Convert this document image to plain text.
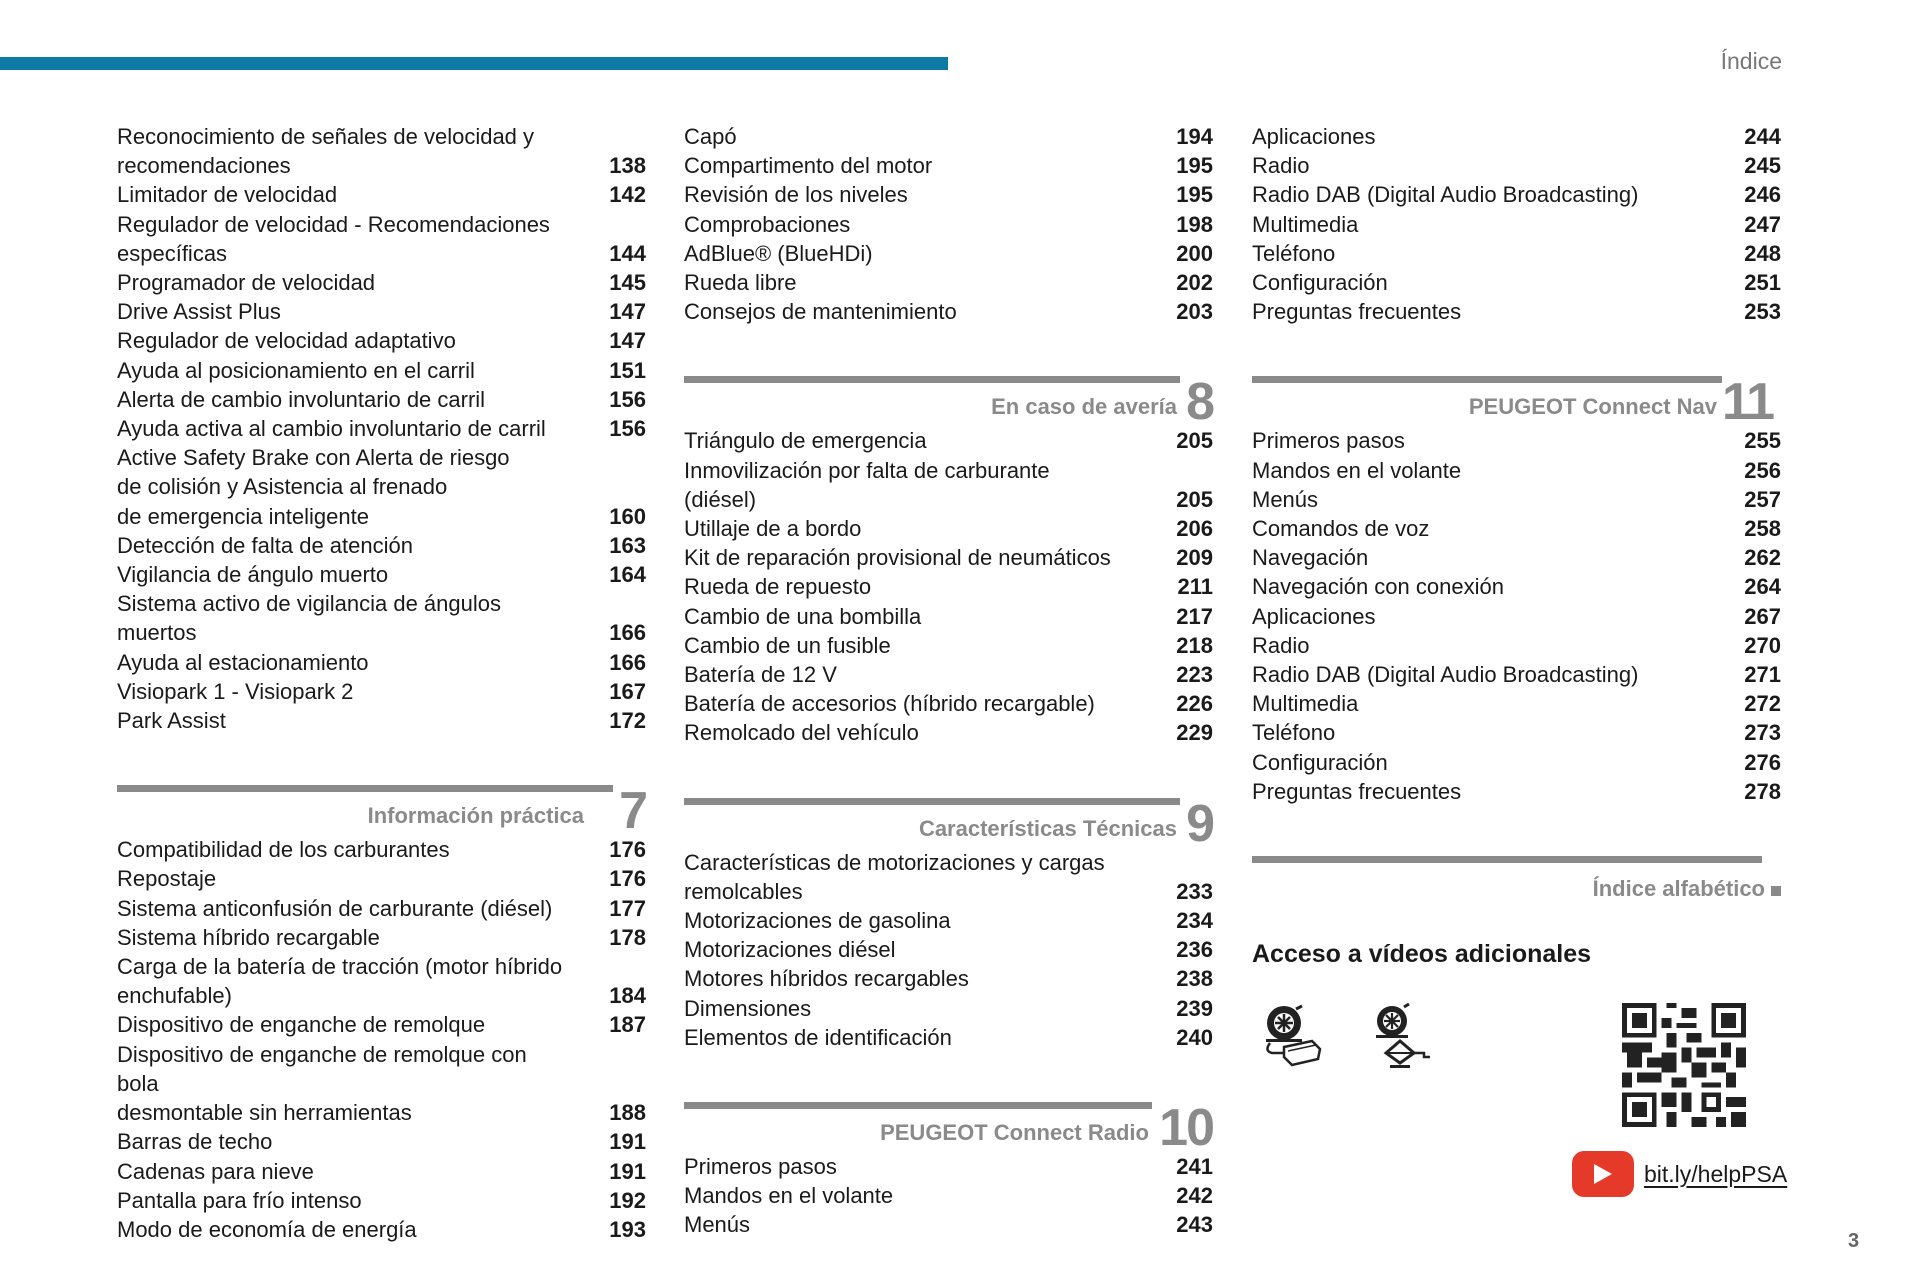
Índice
Reconocimiento de señales de velocidad y
recomendaciones	138
Limitador de velocidad	142
Regulador de velocidad - Recomendaciones
específicas	144
Programador de velocidad	145
Drive Assist Plus	147
Regulador de velocidad adaptativo	147
Ayuda al posicionamiento en el carril	151
Alerta de cambio involuntario de carril	156
Ayuda activa al cambio involuntario de carril	156
Active Safety Brake con Alerta de riesgo
de colisión y Asistencia al frenado
de emergencia inteligente	160
Detección de falta de atención	163
Vigilancia de ángulo muerto	164
Sistema activo de vigilancia de ángulos
muertos	166
Ayuda al estacionamiento	166
Visiopark 1 - Visiopark 2	167
Park Assist	172
Información práctica 7
Compatibilidad de los carburantes	176
Repostaje	176
Sistema anticonfusión de carburante (diésel)	177
Sistema híbrido recargable	178
Carga de la batería de tracción (motor híbrido
enchufable)	184
Dispositivo de enganche de remolque	187
Dispositivo de enganche de remolque con bola
desmontable sin herramientas	188
Barras de techo	191
Cadenas para nieve	191
Pantalla para frío intenso	192
Modo de economía de energía	193
Capó	194
Compartimento del motor	195
Revisión de los niveles	195
Comprobaciones	198
AdBlue® (BlueHDi)	200
Rueda libre	202
Consejos de mantenimiento	203
En caso de avería 8
Triángulo de emergencia	205
Inmovilización por falta de carburante
(diésel)	205
Utillaje de a bordo	206
Kit de reparación provisional de neumáticos	209
Rueda de repuesto	211
Cambio de una bombilla	217
Cambio de un fusible	218
Batería de 12 V	223
Batería de accesorios (híbrido recargable)	226
Remolcado del vehículo	229
Características Técnicas 9
Características de motorizaciones y cargas
remolcables	233
Motorizaciones de gasolina	234
Motorizaciones diésel	236
Motores híbridos recargables	238
Dimensiones	239
Elementos de identificación	240
PEUGEOT Connect Radio 10
Primeros pasos	241
Mandos en el volante	242
Menús	243
Aplicaciones	244
Radio	245
Radio DAB (Digital Audio Broadcasting)	246
Multimedia	247
Teléfono	248
Configuración	251
Preguntas frecuentes	253
PEUGEOT Connect Nav 11
Primeros pasos	255
Mandos en el volante	256
Menús	257
Comandos de voz	258
Navegación	262
Navegación con conexión	264
Aplicaciones	267
Radio	270
Radio DAB (Digital Audio Broadcasting)	271
Multimedia	272
Teléfono	273
Configuración	276
Preguntas frecuentes	278
Índice alfabético
Acceso a vídeos adicionales
bit.ly/helpPSA
3
